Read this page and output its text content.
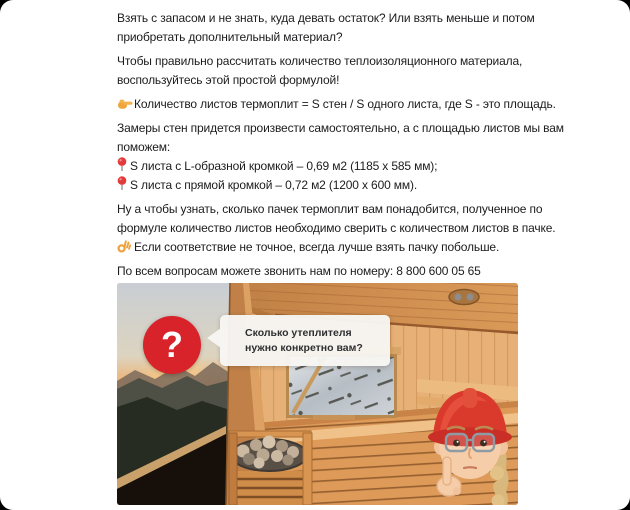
Взять с запасом и не знать, куда девать остаток? Или взять меньше и потом
приобретать дополнительный материал?

Чтобы правильно рассчитать количество теплоизоляционного материала,
воспользуйтесь этой простой формулой!

Количество листов термоплит = S стен / S одного листа, где S - это площадь.

Замеры стен придется произвести самостоятельно, а с площадью листов мы вам
поможем:
S листа с L-образной кромкой – 0,69 м2 (1185 x 585 мм);
S листа с прямой кромкой – 0,72 м2 (1200 x 600 мм).

Ну а чтобы узнать, сколько пачек термоплит вам понадобится, полученное по
формуле количество листов необходимо сверить с количеством листов в пачке.
Если соответствие не точное, всегда лучше взять пачку побольше.

По всем вопросам можете звонить нам по номеру: 8 800 600 05 65

?	Сколько утеплителя нужно конкретно вам?
